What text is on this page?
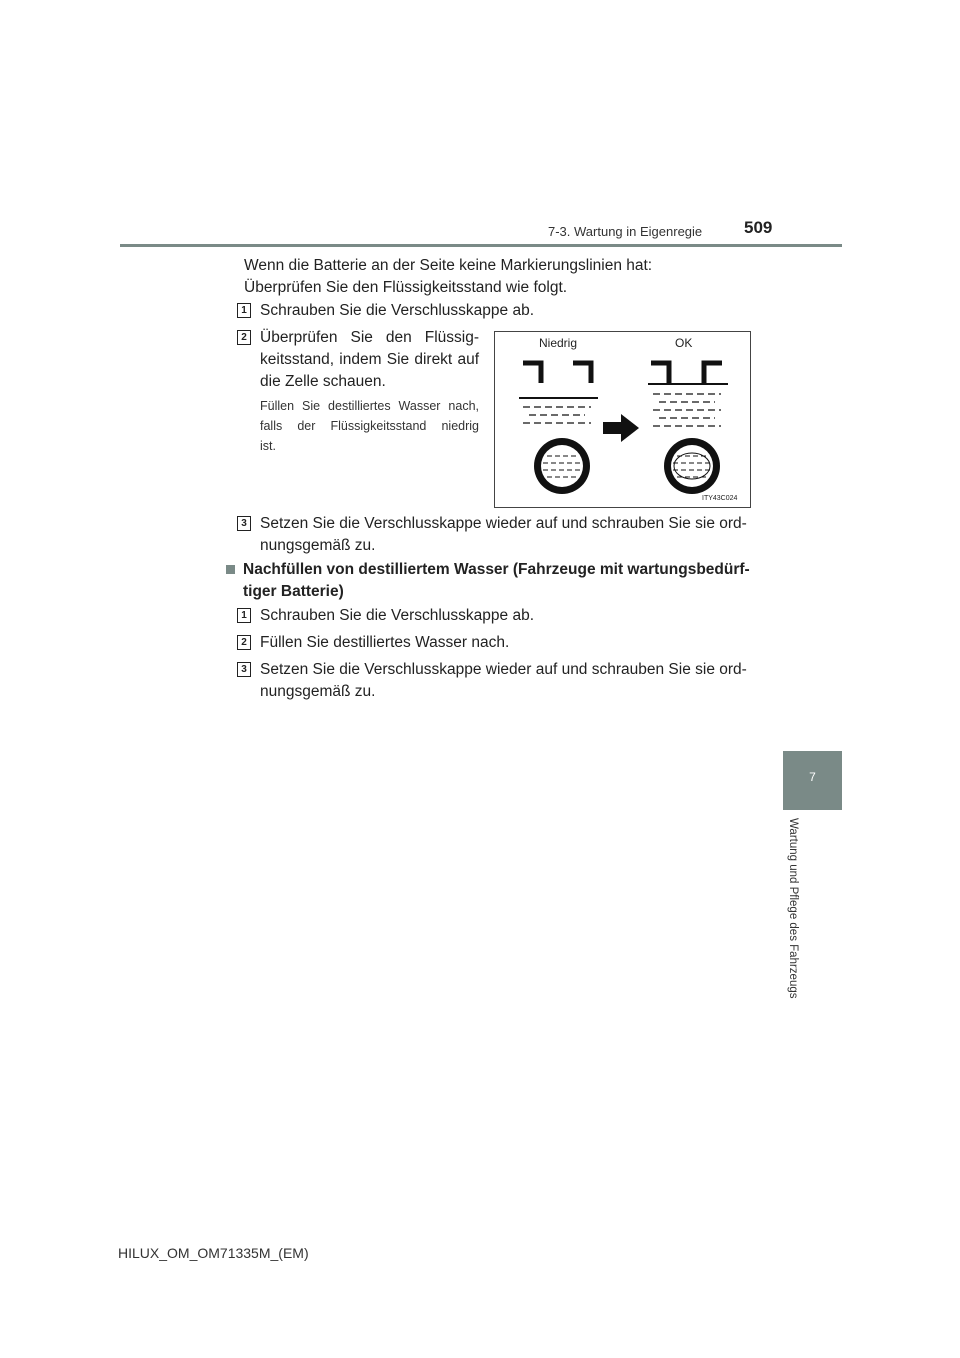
7-3. Wartung in Eigenregie 509
7
Wartung und Pflege des Fahrzeugs
Wenn die Batterie an der Seite keine Markierungslinien hat:
Überprüfen Sie den Flüssigkeitsstand wie folgt.
1 Schrauben Sie die Verschlusskappe ab.
2 Überprüfen Sie den Flüssig-
keitsstand, indem Sie direkt auf
die Zelle schauen.
Füllen Sie destilliertes Wasser nach,
falls der Flüssigkeitsstand niedrig
ist.
Niedrig	OK
ITY43C024
3 Setzen Sie die Verschlusskappe wieder auf und schrauben Sie sie ord-
nungsgemäß zu.
Nachfüllen von destilliertem Wasser (Fahrzeuge mit wartungsbedürf-
tiger Batterie)
1 Schrauben Sie die Verschlusskappe ab.
2 Füllen Sie destilliertes Wasser nach.
3 Setzen Sie die Verschlusskappe wieder auf und schrauben Sie sie ord-
nungsgemäß zu.
HILUX_OM_OM71335M_(EM)
